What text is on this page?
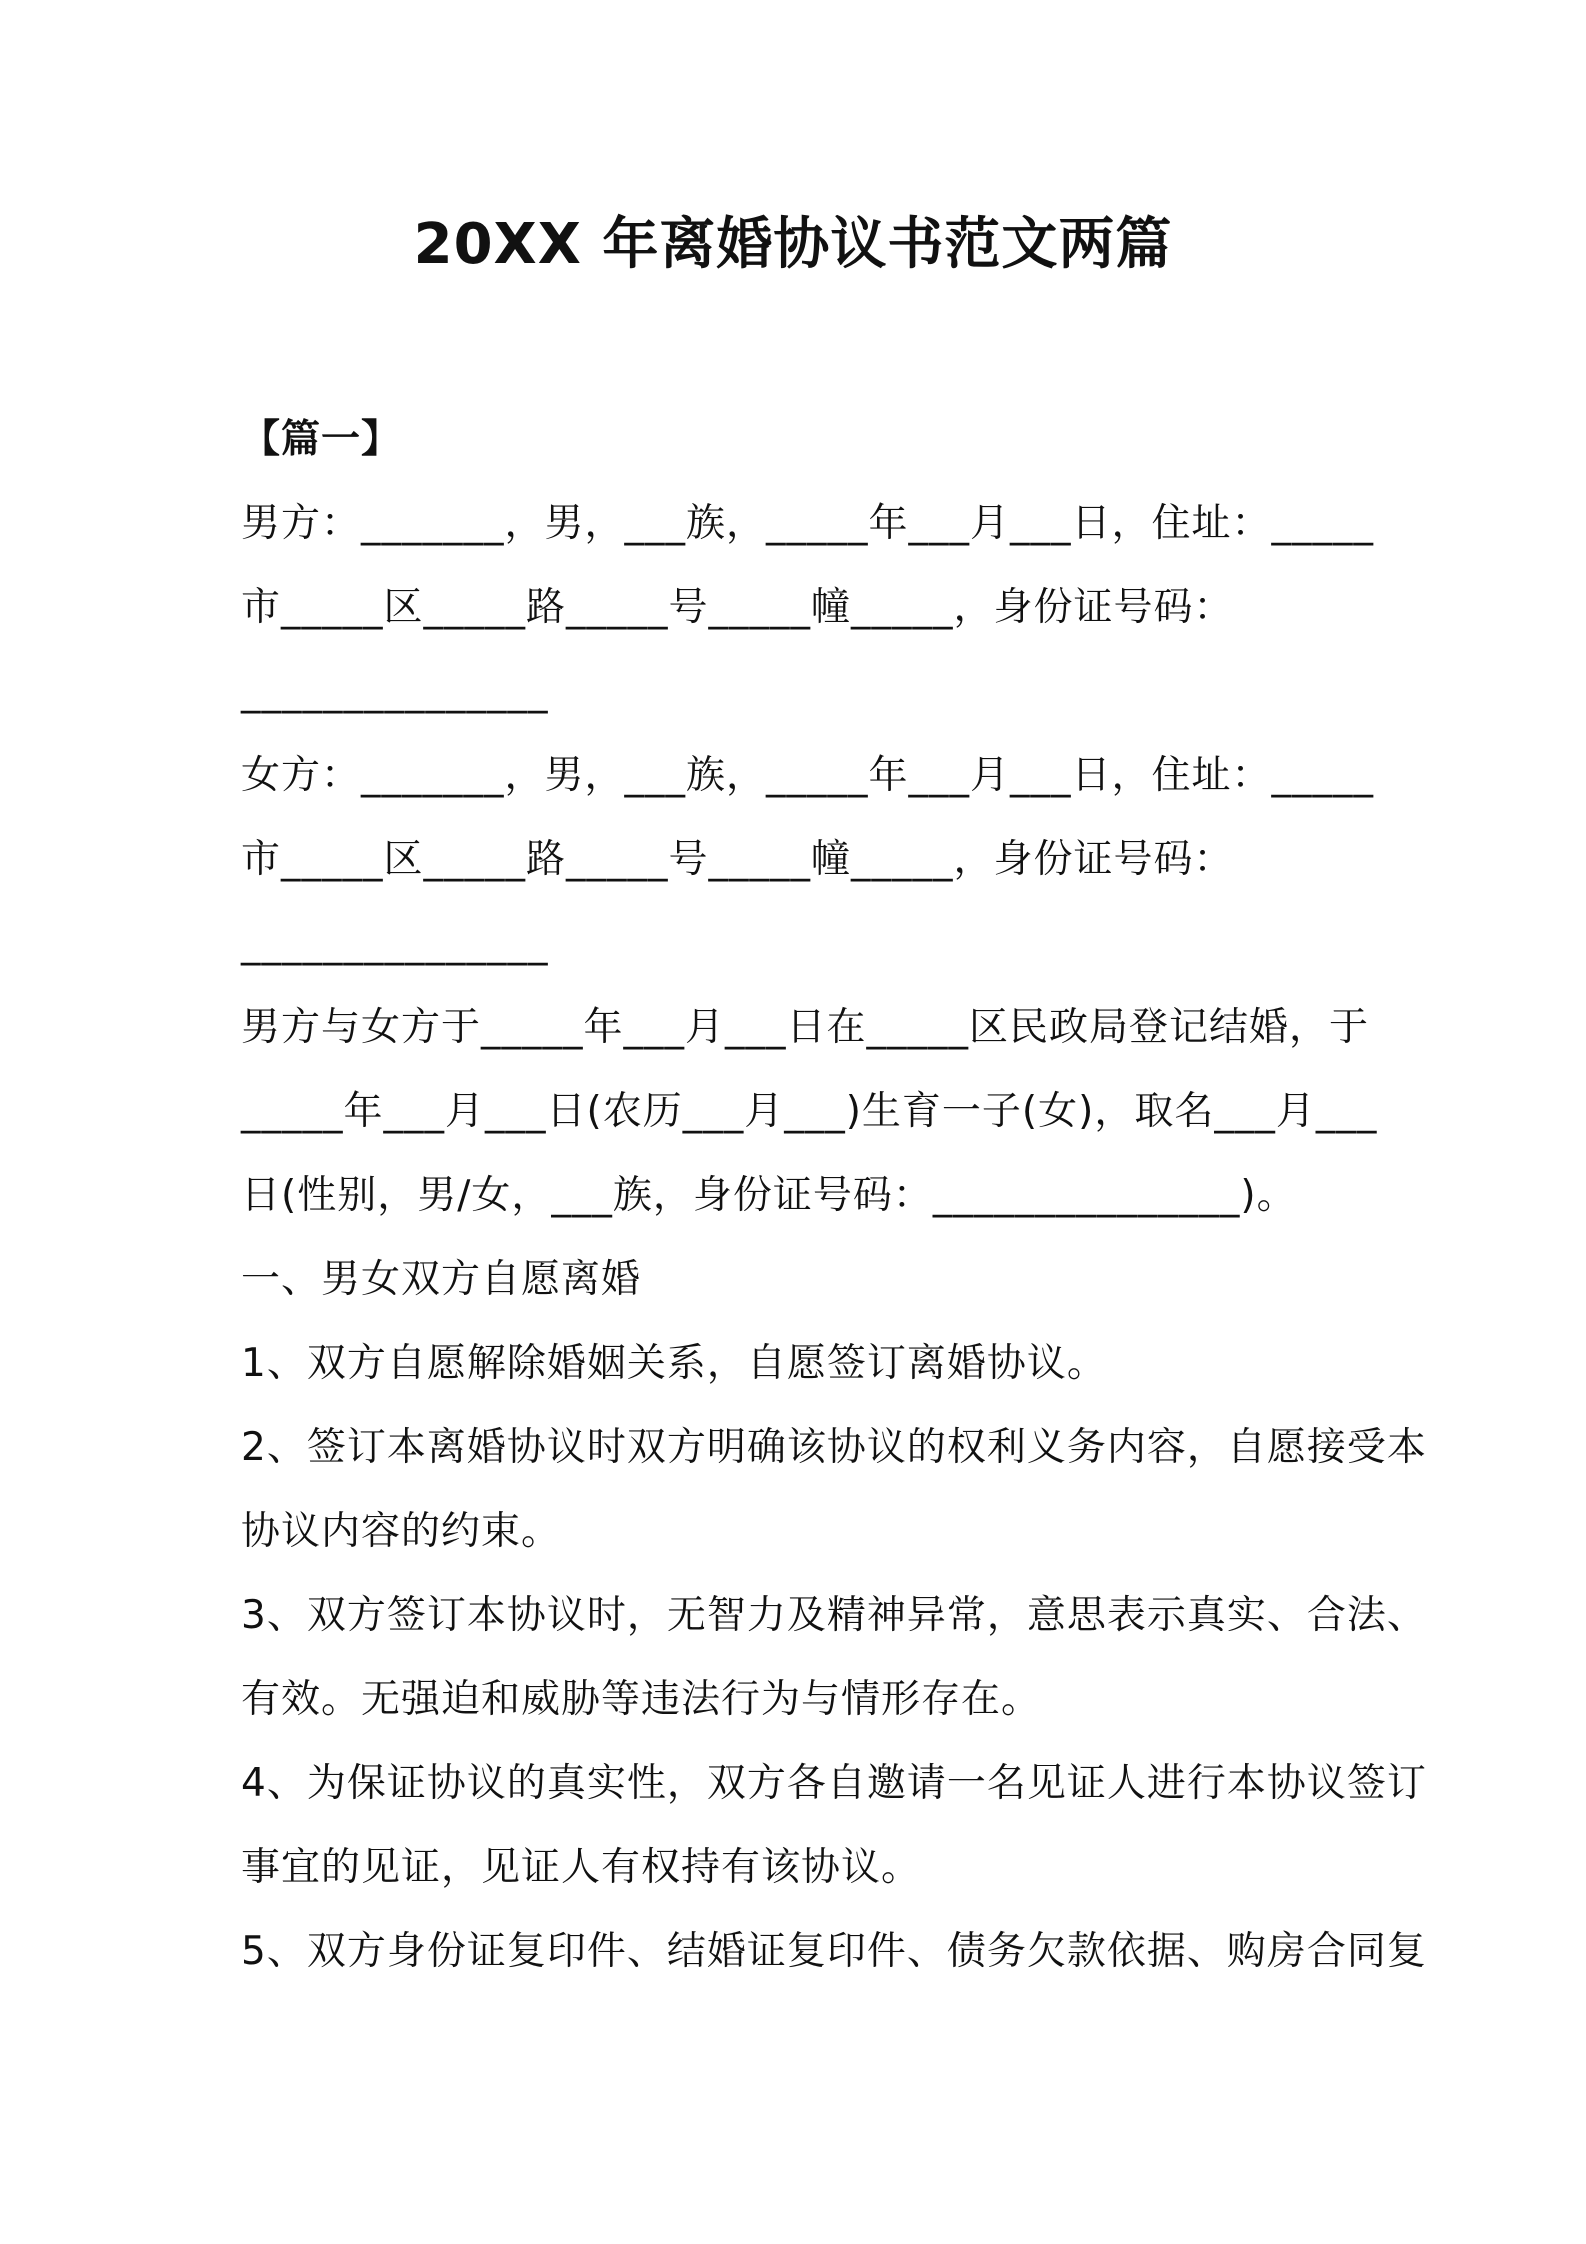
20XX 年离婚协议书范文两篇
【篇一】
男方：_______，男，___族，_____年___月___日，住址：_____
市_____区_____路_____号_____幢_____，身份证号码：
_______________
女方：_______，男，___族，_____年___月___日，住址：_____
市_____区_____路_____号_____幢_____，身份证号码：
_______________
男方与女方于_____年___月___日在_____区民政局登记结婚，于
_____年___月___日(农历___月___)生育一子(女)，取名___月___
日(性别，男/女，___族，身份证号码：_______________)。
一、男女双方自愿离婚
1、双方自愿解除婚姻关系，自愿签订离婚协议。
2、签订本离婚协议时双方明确该协议的权利义务内容，自愿接受本
协议内容的约束。
3、双方签订本协议时，无智力及精神异常，意思表示真实、合法、
有效。无强迫和威胁等违法行为与情形存在。
4、为保证协议的真实性，双方各自邀请一名见证人进行本协议签订
事宜的见证，见证人有权持有该协议。
5、双方身份证复印件、结婚证复印件、债务欠款依据、购房合同复
